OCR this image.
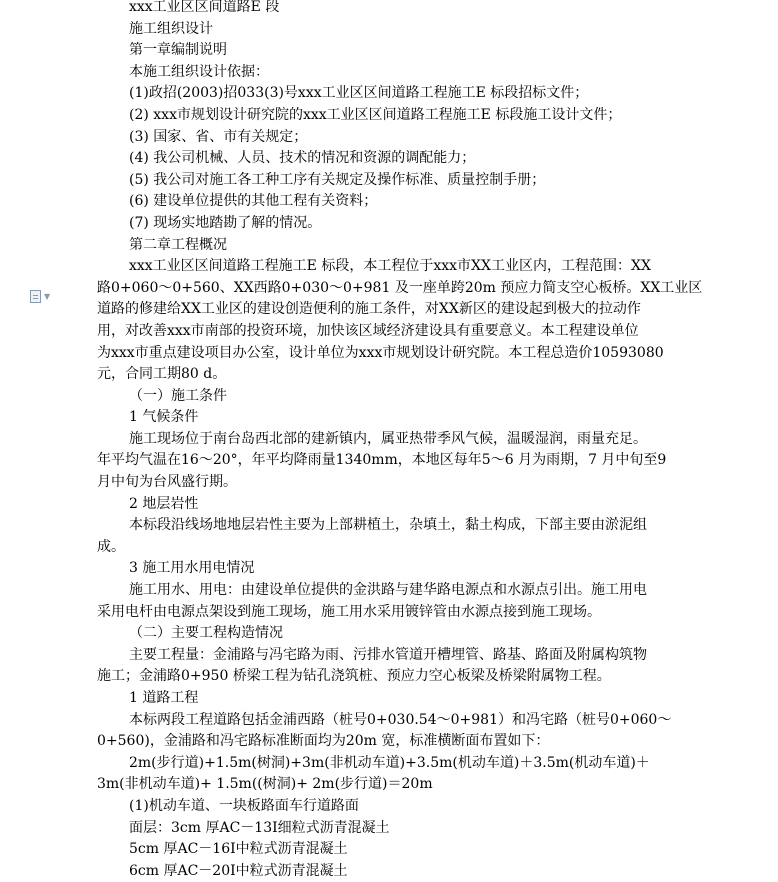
▼
xxx工业区区间道路E 段
施工组织设计
第一章编制说明
本施工组织设计依据：
(1)政招(2003)招033(3)号xxx工业区区间道路工程施工E 标段招标文件；
(2) xxx市规划设计研究院的xxx工业区区间道路工程施工E 标段施工设计文件；
(3) 国家、省、市有关规定；
(4) 我公司机械、人员、技术的情况和资源的调配能力；
(5) 我公司对施工各工种工序有关规定及操作标准、质量控制手册；
(6) 建设单位提供的其他工程有关资料；
(7) 现场实地踏勘了解的情况。
第二章工程概况
xxx工业区区间道路工程施工E 标段，本工程位于xxx市XX工业区内，工程范围：XX
路0+060～0+560、XX西路0+030～0+981 及一座单跨20m 预应力简支空心板桥。XX工业区
道路的修建给XX工业区的建设创造便利的施工条件，对XX新区的建设起到极大的拉动作
用，对改善xxx市南部的投资环境，加快该区域经济建设具有重要意义。本工程建设单位
为xxx市重点建设项目办公室，设计单位为xxx市规划设计研究院。本工程总造价10593080
元，合同工期80 d。
（一）施工条件
1 气候条件
施工现场位于南台岛西北部的建新镇内，属亚热带季风气候，温暖湿润，雨量充足。
年平均气温在16～20°，年平均降雨量1340mm，本地区每年5～6 月为雨期，7 月中旬至9
月中旬为台风盛行期。
2 地层岩性
本标段沿线场地地层岩性主要为上部耕植土，杂填土，黏土构成，下部主要由淤泥组
成。
3 施工用水用电情况
施工用水、用电：由建设单位提供的金洪路与建华路电源点和水源点引出。施工用电
采用电杆由电源点架设到施工现场，施工用水采用镀锌管由水源点接到施工现场。
（二）主要工程构造情况
主要工程量：金浦路与冯宅路为雨、污排水管道开槽埋管、路基、路面及附属构筑物
施工；金浦路0+950 桥梁工程为钻孔浇筑桩、预应力空心板梁及桥梁附属物工程。
1 道路工程
本标两段工程道路包括金浦西路（桩号0+030.54～0+981）和冯宅路（桩号0+060～
0+560)，金浦路和冯宅路标准断面均为20m 宽，标准横断面布置如下：
2m(步行道)+1.5m(树洞)+3m(非机动车道)+3.5m(机动车道)＋3.5m(机动车道)＋
3m(非机动车道)+ 1.5m((树洞)+ 2m(步行道)＝20m
(1)机动车道、一块板路面车行道路面
面层：3cm 厚AC－13Ⅰ细粒式沥青混凝土
5cm 厚AC－16Ⅰ中粒式沥青混凝土
6cm 厚AC－20Ⅰ中粒式沥青混凝土
